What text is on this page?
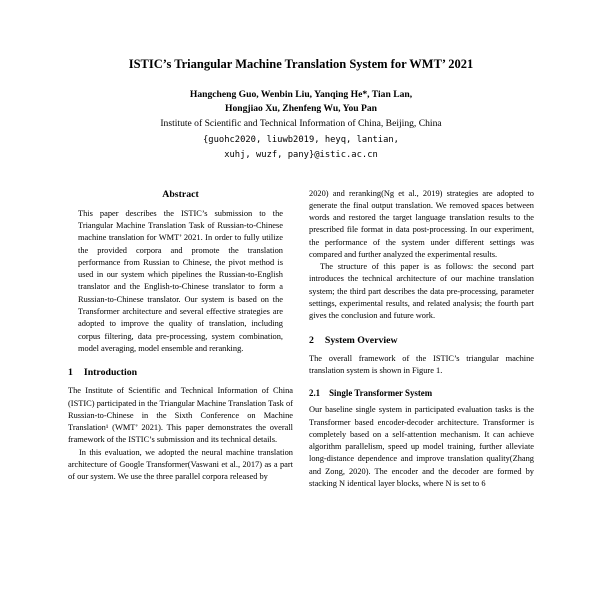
ISTIC’s Triangular Machine Translation System for WMT’ 2021
Hangcheng Guo, Wenbin Liu, Yanqing He*, Tian Lan,
Hongjiao Xu, Zhenfeng Wu, You Pan
Institute of Scientific and Technical Information of China, Beijing, China
{guohc2020, liuwb2019, heyq, lantian,
xuhj, wuzf, pany}@istic.ac.cn
Abstract

This paper describes the ISTIC’s submission to the Triangular Machine Translation Task of Russian-to-Chinese machine translation for WMT’ 2021. In order to fully utilize the provided corpora and promote the translation performance from Russian to Chinese, the pivot method is used in our system which pipelines the Russian-to-English translator and the English-to-Chinese translator to form a Russian-to-Chinese translator. Our system is based on the Transformer architecture and several effective strategies are adopted to improve the quality of translation, including corpus filtering, data pre-processing, system combination, model averaging, model ensemble and reranking.

1 Introduction

The Institute of Scientific and Technical Information of China (ISTIC) participated in the Triangular Machine Translation Task of Russian-to-Chinese in the Sixth Conference on Machine Translation¹ (WMT’ 2021). This paper demonstrates the overall framework of the ISTIC’s submission and its technical details.

In this evaluation, we adopted the neural machine translation architecture of Google Transformer(Vaswani et al., 2017) as a part of our system. We use the three parallel corpora released by

2020) and reranking(Ng et al., 2019) strategies are adopted to generate the final output translation. We removed spaces between words and restored the target language translation results to the prescribed file format in data post-processing. In our experiment, the performance of the system under different settings was compared and further analyzed the experimental results.

The structure of this paper is as follows: the second part introduces the technical architecture of our machine translation system; the third part describes the data pre-processing, parameter settings, experimental results, and related analysis; the fourth part gives the conclusion and future work.

2 System Overview

The overall framework of the ISTIC’s triangular machine translation system is shown in Figure 1.

2.1 Single Transformer System

Our baseline single system in participated evaluation tasks is the Transformer based encoder-decoder architecture. Transformer is completely based on a self-attention mechanism. It can achieve algorithm parallelism, speed up model training, further alleviate long-distance dependence and improve translation quality(Zhang and Zong, 2020). The encoder and the decoder are formed by stacking N identical layer blocks, where N is set to 6
